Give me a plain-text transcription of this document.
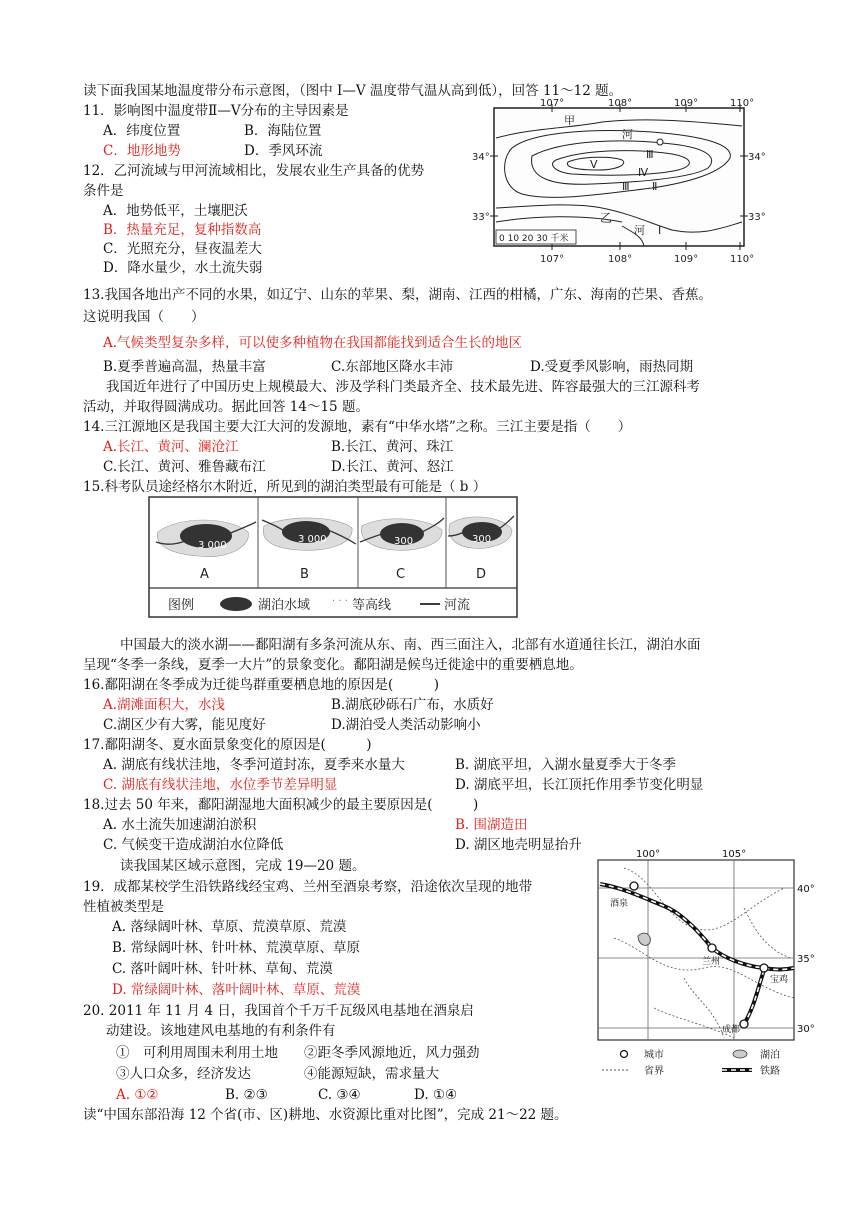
读下面我国某地温度带分布示意图，（图中 I—V 温度带气温从高到低），回答 11～12 题。
11．影响图中温度带Ⅱ—Ⅴ分布的主导因素是
A．纬度位置	B．海陆位置
C．地形地势	D．季风环流
12．乙河流域与甲河流域相比，发展农业生产具备的优势
条件是
A．地势低平，土壤肥沃
B．热量充足，复种指数高
C．光照充分，昼夜温差大
D．降水量少，水土流失弱
0 10 20 30 千米
107°	108°	109°	110°
107°	108°	109°	110°
34°	34°
33°	33°
甲
河
乙
河 Ⅰ
Ⅱ
Ⅲ
Ⅳ
Ⅴ
Ⅲ
13.我国各地出产不同的水果，如辽宁、山东的苹果、梨，湖南、江西的柑橘，广东、海南的芒果、香蕉。
这说明我国（　　）
A.气候类型复杂多样，可以使多种植物在我国都能找到适合生长的地区
B.夏季普遍高温，热量丰富	C.东部地区降水丰沛	D.受夏季风影响，雨热同期
我国近年进行了中国历史上规模最大、涉及学科门类最齐全、技术最先进、阵容最强大的三江源科考
活动，并取得圆满成功。据此回答 14～15 题。
14.三江源地区是我国主要大江大河的发源地，素有“中华水塔”之称。三江主要是指（　　）
A.长江、黄河、澜沧江	B.长江、黄河、珠江
C.长江、黄河、雅鲁藏布江	D.长江、黄河、怒江
15.科考队员途经格尔木附近，所见到的湖泊类型最有可能是（ b ）
3 000
3 000	300	300
A	B	C	D
图例	湖泊水域 · · · 等高线	河流
中国最大的淡水湖——鄱阳湖有多条河流从东、南、西三面注入，北部有水道通往长江，湖泊水面
呈现“冬季一条线，夏季一大片”的景象变化。鄱阳湖是候鸟迁徙途中的重要栖息地。
16.鄱阳湖在冬季成为迁徙鸟群重要栖息地的原因是(　　　)
A.湖滩面积大，水浅	B.湖底砂砾石广布，水质好
C.湖区少有大雾，能见度好	D.湖泊受人类活动影响小
17.鄱阳湖冬、夏水面景象变化的原因是(　　　)
A. 湖底有线状洼地，冬季河道封冻，夏季来水量大	B. 湖底平坦，入湖水量夏季大于冬季
C. 湖底有线状洼地，水位季节差异明显	D. 湖底平坦，长江顶托作用季节变化明显
18.过去 50 年来，鄱阳湖湿地大面积减少的最主要原因是(　　　)
A. 水土流失加速湖泊淤积	B. 围湖造田
C. 气候变干造成湖泊水位降低	D. 湖区地壳明显抬升
读我国某区域示意图，完成 19—20 题。
19．成都某校学生沿铁路线经宝鸡、兰州至酒泉考察，沿途依次呈现的地带
性植被类型是
A. 落绿阔叶林、草原、荒漠草原、荒漠
B. 常绿阔叶林、针叶林、荒漠草原、草原
C. 落叶阔叶林、针叶林、草甸、荒漠
D. 常绿阔叶林、落叶阔叶林、草原、荒漠
20. 2011 年 11 月 4 日，我国首个千万千瓦级风电基地在酒泉启
动建设。该地建风电基地的有利条件有
①　可利用周围未利用土地 ②距冬季风源地近，风力强劲
③人口众多，经济发达	④能源短缺，需求量大
A. ①②	B. ②③	C. ③④	D. ①④
酒泉
兰州
宝鸡
成都
100°	105°
40°
35°
30°
城市	湖泊
省界	铁路
读“中国东部沿海 12 个省(市、区)耕地、水资源比重对比图”，完成 21～22 题。
